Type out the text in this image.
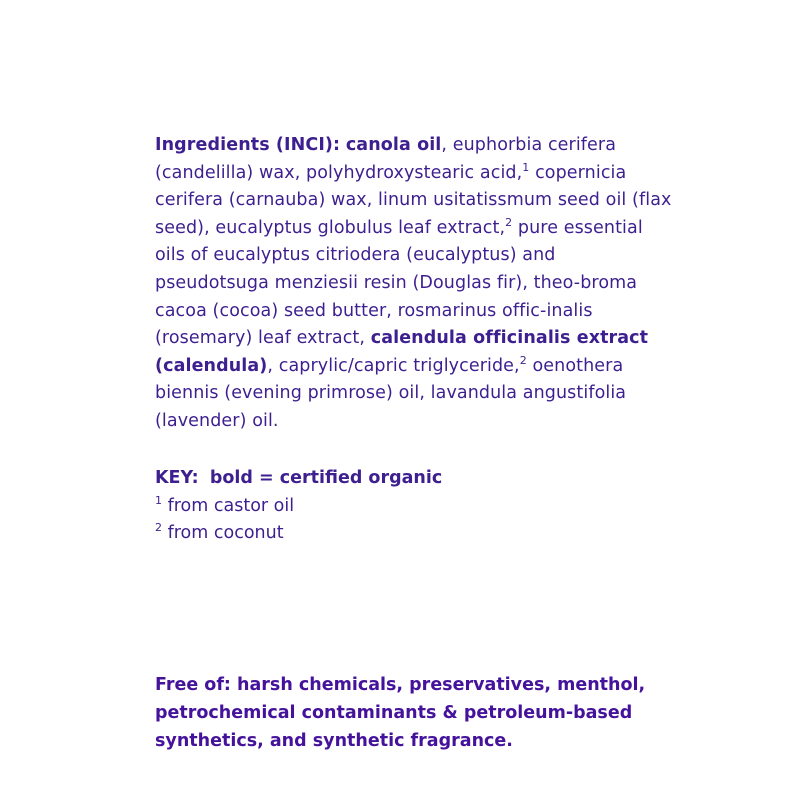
Ingredients (INCI): canola oil, euphorbia cerifera (candelilla) wax, polyhydroxystearic acid,$^1$ copernicia cerifera (carnauba) wax, linum usitatissmum seed oil (flax seed), eucalyptus globulus leaf extract,$^2$ pure essential oils of eucalyptus citriodera (eucalyptus) and pseudotsuga menziesii resin (Douglas fir), theo-broma cacoa (cocoa) seed butter, rosmarinus offic-inalis (rosemary) leaf extract, calendula officinalis extract (calendula), caprylic/capric triglyceride,$^2$ oenothera biennis (evening primrose) oil, lavandula angustifolia (lavender) oil.
KEY: bold = certified organic
$^1$ from castor oil
$^2$ from coconut
Free of: harsh chemicals, preservatives, menthol, petrochemical contaminants & petroleum-based synthetics, and synthetic fragrance.
